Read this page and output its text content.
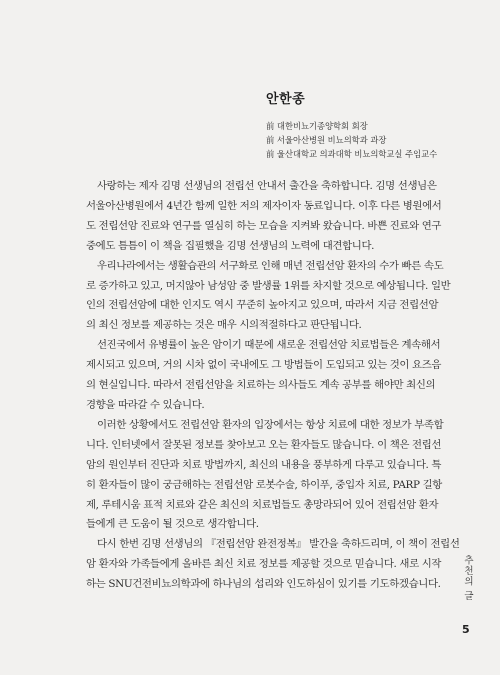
안한종
前 대한비뇨기종양학회 회장
前 서울아산병원 비뇨의학과 과장
前 울산대학교 의과대학 비뇨의학교실 주임교수

사랑하는 제자 김명 선생님의 전립선 안내서 출간을 축하합니다. 김명 선생님은
서울아산병원에서 4년간 함께 일한 저의 제자이자 동료입니다. 이후 다른 병원에서
도 전립선암 진료와 연구를 열심히 하는 모습을 지켜봐 왔습니다. 바쁜 진료와 연구
중에도 틈틈이 이 책을 집필했을 김명 선생님의 노력에 대견합니다.

우리나라에서는 생활습관의 서구화로 인해 매년 전립선암 환자의 수가 빠른 속도
로 증가하고 있고, 머지않아 남성암 중 발생률 1위를 차지할 것으로 예상됩니다. 일반
인의 전립선암에 대한 인지도 역시 꾸준히 높아지고 있으며, 따라서 지금 전립선암
의 최신 정보를 제공하는 것은 매우 시의적절하다고 판단됩니다.

선진국에서 유병률이 높은 암이기 때문에 새로운 전립선암 치료법들은 계속해서
제시되고 있으며, 거의 시차 없이 국내에도 그 방법들이 도입되고 있는 것이 요즈음
의 현실입니다. 따라서 전립선암을 치료하는 의사들도 계속 공부를 해야만 최신의
경향을 따라갈 수 있습니다.

이러한 상황에서도 전립선암 환자의 입장에서는 항상 치료에 대한 정보가 부족합
니다. 인터넷에서 잘못된 정보를 찾아보고 오는 환자들도 많습니다. 이 책은 전립선
암의 원인부터 진단과 치료 방법까지, 최신의 내용을 풍부하게 다루고 있습니다. 특
히 환자들이 많이 궁금해하는 전립선암 로봇수술, 하이푸, 중입자 치료, PARP 길항
제, 루테시움 표적 치료와 같은 최신의 치료법들도 총망라되어 있어 전립선암 환자
들에게 큰 도움이 될 것으로 생각합니다.

다시 한번 김명 선생님의 『전립선암 완전정복』 발간을 축하드리며, 이 책이 전립선
암 환자와 가족들에게 올바른 최신 치료 정보를 제공할 것으로 믿습니다. 새로 시작
하는 SNU건전비뇨의학과에 하나님의 섭리와 인도하심이 있기를 기도하겠습니다. 추천의 글
5
